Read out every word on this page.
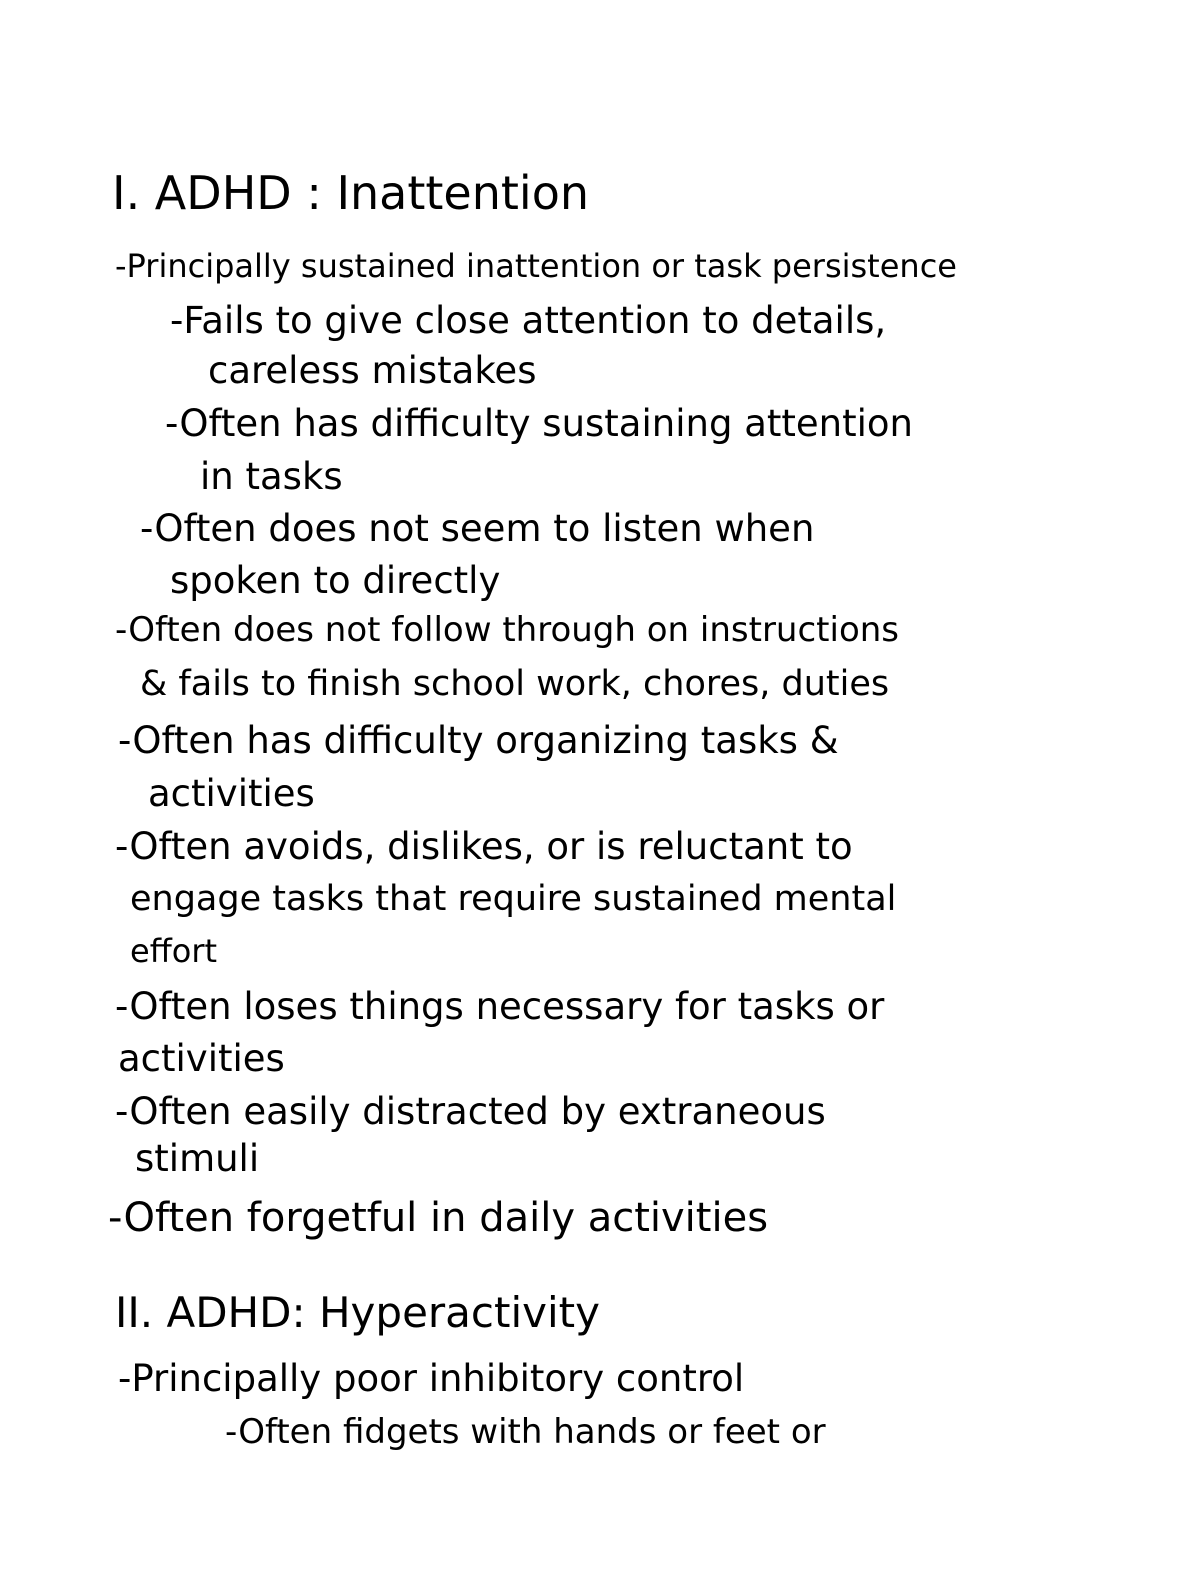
I. ADHD : Inattention
-Principally sustained inattention or task persistence
-Fails to give close attention to details,
careless mistakes
-Often has difficulty sustaining attention
in tasks
-Often does not seem to listen when
spoken to directly
-Often does not follow through on instructions
& fails to finish school work, chores, duties
-Often has difficulty organizing tasks &
activities
-Often avoids, dislikes, or is reluctant to
engage tasks that require sustained mental
effort
-Often loses things necessary for tasks or
activities
-Often easily distracted by extraneous
stimuli
-Often forgetful in daily activities
II. ADHD: Hyperactivity
-Principally poor inhibitory control
-Often fidgets with hands or feet or
